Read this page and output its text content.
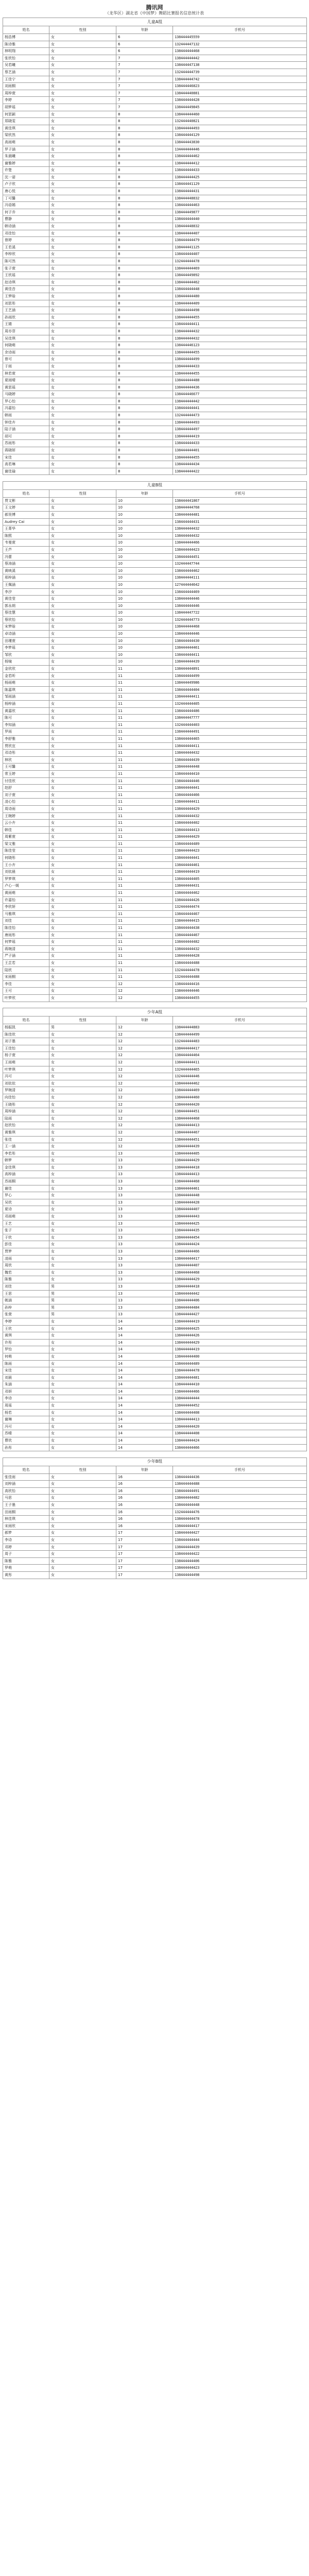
腾讯网
（龙华区）湖北省《中国梦》舞蹈比赛报名信息统计表
儿童A组			
姓名	性别	年龄	手机号
杨浩博	女	6	138444445559
陈诗雅	女	6	132444447132
林明翔	女	6	138444444468
张欣怡	女	7	138444444442
吴若曦	女	7	138444447138
蔡艺涵	女	7	132444444739
王佳宁	女	7	138444444742
刘雨桐	女	7	138444446823
周梓萱	女	7	138444440881
李婷	女	7	138444444428
胡梦瑶	女	7	138444449845
何思颖	女	8	138444444460
郑晓雯	女	8	132444440821
黄佳琪	女	8	138444444493
梁欣然	女	8	138444444129
高雨萌	女	8	138444443830
罗子涵	女	8	134444444446
朱晨曦	女	8	138444444462
谢雅婷	女	8	138444444412
许楚	女	8	138444444433
沈一诺	女	8	138444444425
卢子欣	女	8	138444441129
唐心悦	女	8	138444444431
丁可馨	女	8	138444448832
冯语嫣	女	8	138444444463
何子乔	女	8	138444449877
曹静	女	8	138444444440
韩诗涵	女	8	138444448832
邓佳怡	女	8	138444444407
曾婷	女	8	138444444479
王若溪	女	8	138444441125
李梓欣	女	8	138444444407
陈可然	女	8	132444444478
张子萱	女	8	138444444469
王欣瑶	女	8	138444449892
赵诗琪	女	8	138444444462
黄佳音	女	8	138444444448
王梦晗	女	8	138444444480
刘思彤	女	8	138444444409
王艺涵	女	8	138444444498
孙雨欣	女	8	138444444455
王婧	女	8	138444444411
周亦菲	女	8	138444444432
吴佳琪	女	8	138444444432
何晓萌	女	8	138444446123
余诗雨	女	8	138444444455
曾可	女	8	138444444499
于雨	女	8	138444444433
林若萱	女	8	138444444455
夏雨晴	女	8	138444444488
黄思瑶	女	8	138444444436
马晓婷	女	8	138444446677
罗心怡	女	8	138444444442
冯嘉怡	女	8	138444444441
韩雨	女	8	132444444473
钟佳卉	女	8	138444444493
陆子涵	女	8	138444444497
胡可	女	8	138444444419
苏雨彤	女	8	138444444433
蒋晓妍	女	8	138444444401
宋佳	女	8	138444444455
高若琳	女	8	138444444434
谢佳瑜	女	8	138444444422
儿童B组			
姓名	性别	年龄	手机号
贾文彬	女	10	138444441867
王文婷	女	10	138444444768
郝昊博	女	10	138444444481
Audrey Cai	女	10	138444444431
王菁华	女	10	138444444432
陈熙	女	10	138444444432
韦曼萱	女	10	138444444466
王芦	女	10	138444444423
冯蕾	女	10	138444444451
蔡涛涵	女	10	132444447744
黄映溪	女	10	138444444462
邢梓涵	女	10	138444444111
王佩涵	女	10	127444444642
李汐	女	10	138444444469
黄佳莹	女	10	138444444446
郭永朗	女	10	138444444446
蔡佳慧	女	10	138444447722
蔡欣怡	女	10	132444444773
宋梦晗	女	10	138444444468
卓诗涵	女	10	138444444446
田瑾萱	女	10	138444444430
李梦瑶	女	10	138444444461
邹欣	女	10	138444444411
杨镜	女	10	138444444439
金欣欣	女	11	138444444891
金若昕	女	11	138444444499
杨雨萌	女	11	138444449986
陈嘉琪	女	11	138444444404
邹雨涵	女	11	138444444411
杨梓涵	女	11	132444444405
黄嘉欣	女	11	138444444486
陈可	女	11	138444447777
李知涵	女	11	132444444403
罗雨	女	11	138444444491
李舒雅	女	11	138444444465
贾欣宜	女	11	138444444411
邓诗彤	女	11	138444444432
林欣	女	11	138444444439
王可馨	女	11	138444444448
常玉婷	女	11	138444444410
付佳欣	女	11	138444444446
赵舒	女	11	138444444441
刘子萱	女	11	138444444466
凌心怡	女	11	138444444411
周诗雨	女	11	138444444429
王婉婷	女	11	138444444432
云小卉	女	11	138444444402
韩佳	女	11	138444444413
周紫萱	女	11	138444444429
梁文雅	女	11	138444444489
陈佳莹	女	11	138444444423
何晓彤	女	11	138444444441
王小卉	女	11	138444444461
刘依晨	女	11	138444444419
罗梦琪	女	11	138444444405
卢心一媛	女	11	138444444431
黄雨萌	女	11	138444444462
许嘉怡	女	11	138444444426
李欣妍	女	11	132444444474
马雅琪	女	11	138444444467
刘佳	女	11	138444444415
陈佳怡	女	11	138444444438
唐雨彤	女	11	138444444467
何梦瑶	女	11	138444444482
蒋婉清	女	11	138444444432
严子涵	女	11	138444444428
王芷若	女	11	138444444488
陆欣	女	11	132444444478
宋雨桐	女	11	132444444488
李佳	女	12	138444444416
王可	女	12	138444444446
叶梦欣	女	12	138444444455
少年A组			
姓名	性别	年龄	手机号
杨振凯	男	12	138444444883
陈佳欣	女	12	138444444499
刘子墨	女	12	132444444483
王佳怡	女	12	138444444417
杨子萱	女	12	138444444464
王雨萌	女	12	138444444411
叶梦琪	女	12	132444444465
冯可	女	12	132444444446
刘依依	女	12	138444444462
罗婉清	女	12	138444444469
向佳怡	女	12	138444444460
王晓彤	女	12	138444444420
周梓涵	女	12	138444444451
陆雨	女	12	138444444468
赵欣怡	女	12	138444444413
黄雅琪	女	12	138444444467
张佳	女	12	138444444451
王一涵	女	12	138444444439
李若彤	女	13	138444444405
韩梦	女	13	138444444429
金佳琪	女	13	138444444418
高梓涵	女	13	138444444413
苏雨桐	女	13	138444444468
谢佳	女	13	138444444461
罗心	女	13	138444444448
吴欣	女	13	138444444428
夏诗	女	13	138444444407
邓雨萌	女	13	138444444443
王艺	女	13	138444444425
张子	女	13	138444444435
于欣	女	13	138444444454
彭佳	女	13	138444444424
贾梦	女	13	138444444466
凌雨	女	13	138444444417
周欣	女	13	138444444407
魏若	女	13	138444444468
陈雅	女	13	138444444429
刘佳	男	13	138444444418
王思	男	13	138444444442
姚涵	男	13	138444444406
孙梓	男	13	138444444484
张萱	男	13	138444444427
李婷	女	14	138444444419
王欣	女	14	138444444425
黄琪	女	14	138444444426
许彤	女	14	138444444429
罗怡	女	14	138444444419
何萌	女	14	138444444400
陈雨	女	14	138444444489
宋佳	女	14	138444444478
刘晨	女	14	138444444481
朱涵	女	14	138444444410
邓妍	女	14	138444444466
李诗	女	14	138444444444
周瑶	女	14	138444444452
杨若	女	14	138444444408
谢琳	女	14	138444444413
冯可	女	14	138444444420
苏晴	女	14	138444444408
曹欣	女	14	138444444424
孙彤	女	14	138444444466
少年B组			
姓名	性别	年龄	手机号
张佳雨	女	16	138444444436
刘梓涵	女	16	138444444488
高欣怡	女	16	138444444491
马思	女	16	138444444482
王子墨	女	16	138444444448
田雨桐	女	16	132444444476
林佳琪	女	16	138444444478
宋雨欣	女	16	138444444417
郝梦	女	17	138444444427
李诗	女	17	138444444444
邓婷	女	17	138444444439
周子	女	17	138444444422
陈雅	女	17	138444444406
罗萌	女	17	138444444423
黄彤	女	17	138444444498
